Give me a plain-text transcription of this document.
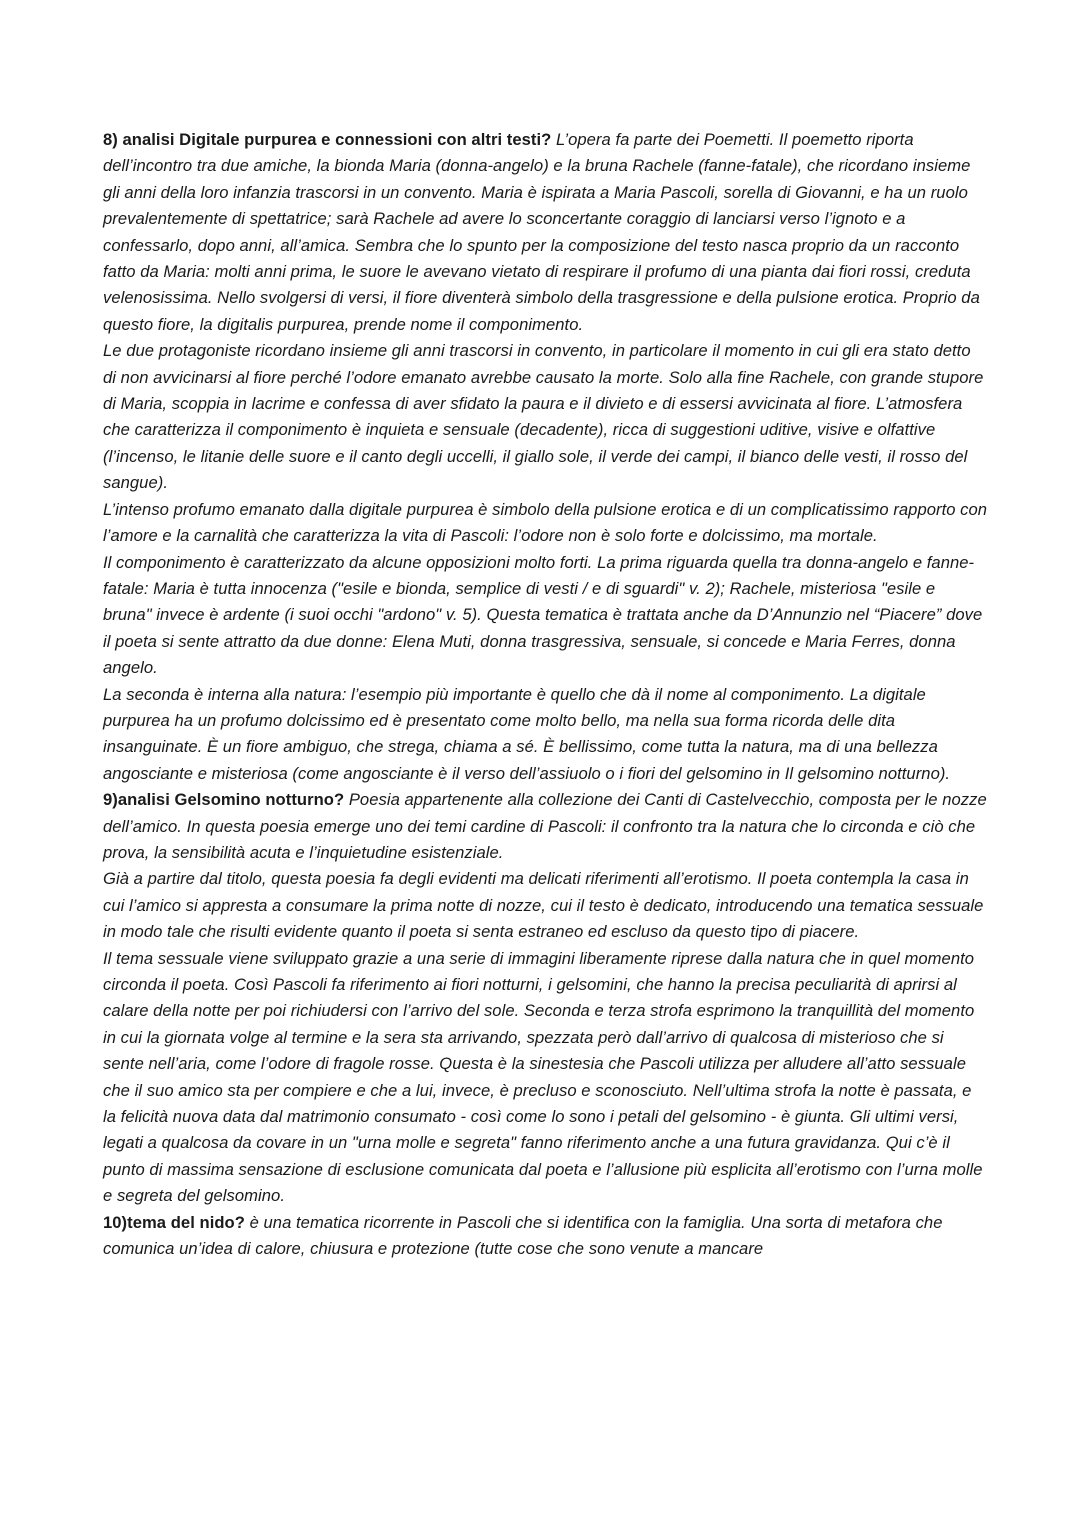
8) analisi Digitale purpurea e connessioni con altri testi? L’opera fa parte dei Poemetti. Il poemetto riporta dell’incontro tra due amiche, la bionda Maria (donna-angelo) e la bruna Rachele (fanne-fatale), che ricordano insieme gli anni della loro infanzia trascorsi in un convento. Maria è ispirata a Maria Pascoli, sorella di Giovanni, e ha un ruolo prevalentemente di spettatrice; sarà Rachele ad avere lo sconcertante coraggio di lanciarsi verso l’ignoto e a confessarlo, dopo anni, all’amica. Sembra che lo spunto per la composizione del testo nasca proprio da un racconto fatto da Maria: molti anni prima, le suore le avevano vietato di respirare il profumo di una pianta dai fiori rossi, creduta velenosissima. Nello svolgersi di versi, il fiore diventerà simbolo della trasgressione e della pulsione erotica. Proprio da questo fiore, la digitalis purpurea, prende nome il componimento.

Le due protagoniste ricordano insieme gli anni trascorsi in convento, in particolare il momento in cui gli era stato detto di non avvicinarsi al fiore perché l’odore emanato avrebbe causato la morte. Solo alla fine Rachele, con grande stupore di Maria, scoppia in lacrime e confessa di aver sfidato la paura e il divieto e di essersi avvicinata al fiore. L’atmosfera che caratterizza il componimento è inquieta e sensuale (decadente), ricca di suggestioni uditive, visive e olfattive (l’incenso, le litanie delle suore e il canto degli uccelli, il giallo sole, il verde dei campi, il bianco delle vesti, il rosso del sangue).

L’intenso profumo emanato dalla digitale purpurea è simbolo della pulsione erotica e di un complicatissimo rapporto con l’amore e la carnalità che caratterizza la vita di Pascoli: l’odore non è solo forte e dolcissimo, ma mortale.

Il componimento è caratterizzato da alcune opposizioni molto forti. La prima riguarda quella tra donna-angelo e fanne-fatale: Maria è tutta innocenza ("esile e bionda, semplice di vesti / e di sguardi" v. 2); Rachele, misteriosa "esile e bruna" invece è ardente (i suoi occhi "ardono" v. 5). Questa tematica è trattata anche da D’Annunzio nel “Piacere” dove il poeta si sente attratto da due donne: Elena Muti, donna trasgressiva, sensuale, si concede e Maria Ferres, donna angelo.

La seconda è interna alla natura: l’esempio più importante è quello che dà il nome al componimento. La digitale purpurea ha un profumo dolcissimo ed è presentato come molto bello, ma nella sua forma ricorda delle dita insanguinate. È un fiore ambiguo, che strega, chiama a sé. È bellissimo, come tutta la natura, ma di una bellezza angosciante e misteriosa (come angosciante è il verso dell’assiuolo o i fiori del gelsomino in Il gelsomino notturno).

9)analisi Gelsomino notturno? Poesia appartenente alla collezione dei Canti di Castelvecchio, composta per le nozze dell’amico. In questa poesia emerge uno dei temi cardine di Pascoli: il confronto tra la natura che lo circonda e ciò che prova, la sensibilità acuta e l’inquietudine esistenziale.

Già a partire dal titolo, questa poesia fa degli evidenti ma delicati riferimenti all’erotismo. Il poeta contempla la casa in cui l’amico si appresta a consumare la prima notte di nozze, cui il testo è dedicato, introducendo una tematica sessuale in modo tale che risulti evidente quanto il poeta si senta estraneo ed escluso da questo tipo di piacere.

Il tema sessuale viene sviluppato grazie a una serie di immagini liberamente riprese dalla natura che in quel momento circonda il poeta. Così Pascoli fa riferimento ai fiori notturni, i gelsomini, che hanno la precisa peculiarità di aprirsi al calare della notte per poi richiudersi con l’arrivo del sole. Seconda e terza strofa esprimono la tranquillità del momento in cui la giornata volge al termine e la sera sta arrivando, spezzata però dall’arrivo di qualcosa di misterioso che si sente nell’aria, come l’odore di fragole rosse. Questa è la sinestesia che Pascoli utilizza per alludere all’atto sessuale che il suo amico sta per compiere e che a lui, invece, è precluso e sconosciuto. Nell’ultima strofa la notte è passata, e la felicità nuova data dal matrimonio consumato - così come lo sono i petali del gelsomino - è giunta. Gli ultimi versi, legati a qualcosa da covare in un "urna molle e segreta" fanno riferimento anche a una futura gravidanza. Qui c’è il punto di massima sensazione di esclusione comunicata dal poeta e l’allusione più esplicita all’erotismo con l’urna molle e segreta del gelsomino.

10)tema del nido? è una tematica ricorrente in Pascoli che si identifica con la famiglia. Una sorta di metafora che comunica un’idea di calore, chiusura e protezione (tutte cose che sono venute a mancare
